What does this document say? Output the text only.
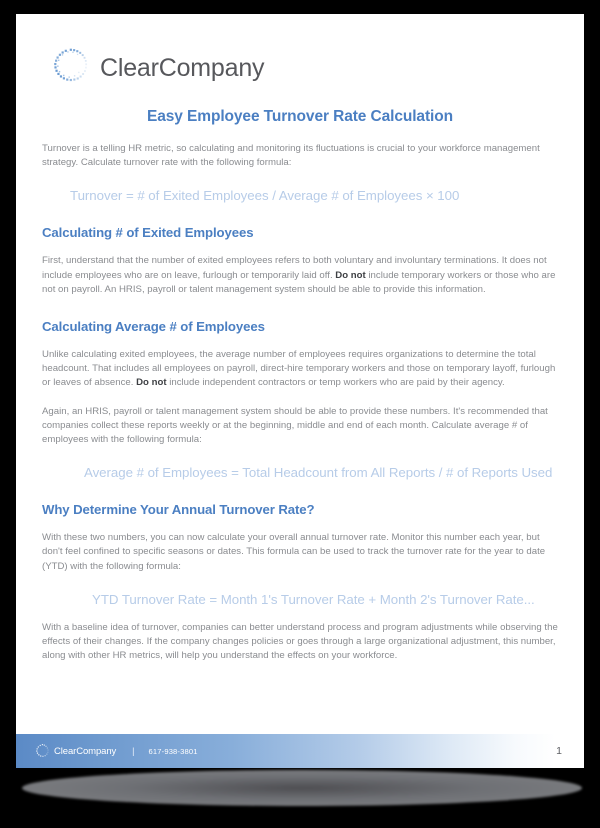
ClearCompany
Easy Employee Turnover Rate Calculation

Turnover is a telling HR metric, so calculating and monitoring its fluctuations is crucial to your workforce management strategy. Calculate turnover rate with the following formula:

Turnover = # of Exited Employees / Average # of Employees × 100
Calculating # of Exited Employees

First, understand that the number of exited employees refers to both voluntary and involuntary terminations. It does not include employees who are on leave, furlough or temporarily laid off. Do not include temporary workers or those who are not on payroll. An HRIS, payroll or talent management system should be able to provide this information.

Calculating Average # of Employees

Unlike calculating exited employees, the average number of employees requires organizations to determine the total headcount. That includes all employees on payroll, direct-hire temporary workers and those on temporary layoff, furlough or leaves of absence. Do not include independent contractors or temp workers who are paid by their agency.

Again, an HRIS, payroll or talent management system should be able to provide these numbers. It's recommended that companies collect these reports weekly or at the beginning, middle and end of each month. Calculate average # of employees with the following formula:

Average # of Employees = Total Headcount from All Reports / # of Reports Used
Why Determine Your Annual Turnover Rate?

With these two numbers, you can now calculate your overall annual turnover rate. Monitor this number each year, but don't feel confined to specific seasons or dates. This formula can be used to track the turnover rate for the year to date (YTD) with the following formula:

YTD Turnover Rate = Month 1's Turnover Rate + Month 2's Turnover Rate...

With a baseline idea of turnover, companies can better understand process and program adjustments while observing the effects of their changes. If the company changes policies or goes through a large organizational adjustment, this number, along with other HR metrics, will help you understand the effects on your workforce.

ClearCompany | 617-938-3801	1
